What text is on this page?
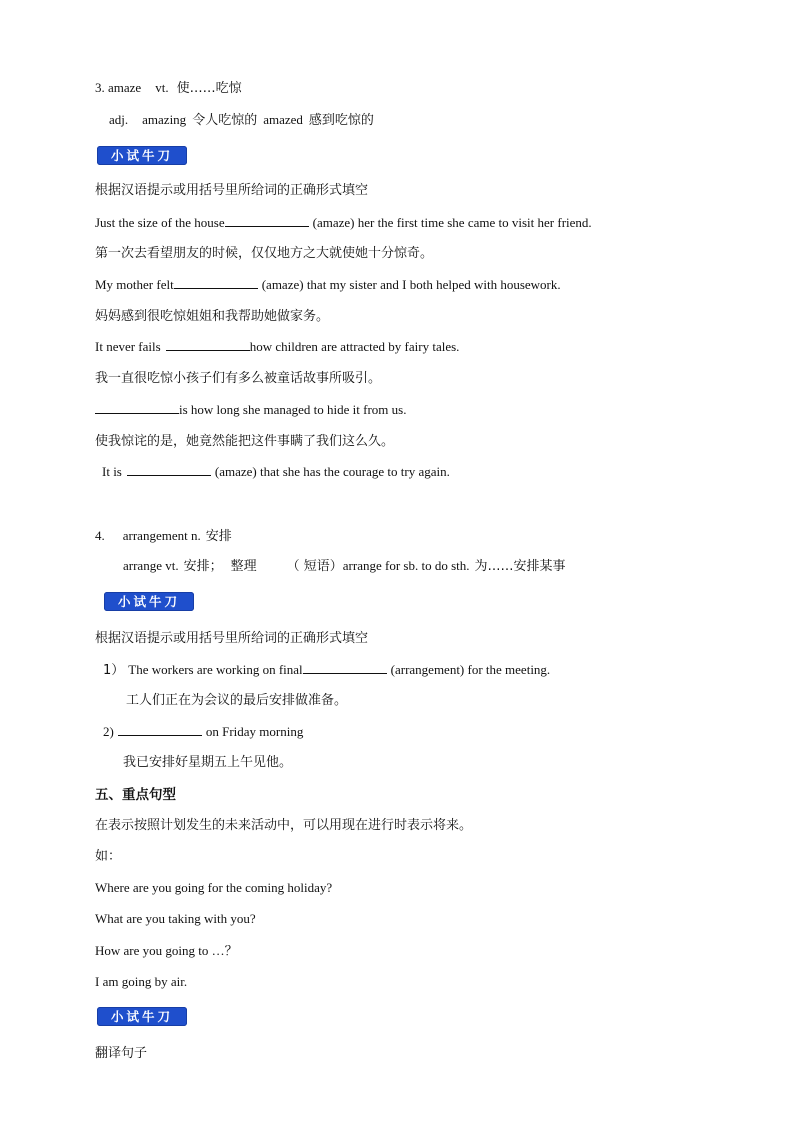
3. amaze vt. 使……吃惊
adj. amazing 令人吃惊的 amazed 感到吃惊的
小试牛刀
根据汉语提示或用括号里所给词的正确形式填空
Just the size of the house	(amaze) her the first time she came to visit her friend.
第一次去看望朋友的时候，仅仅地方之大就使她十分惊奇。
My mother felt	(amaze) that my sister and I both helped with housework.
妈妈感到很吃惊姐姐和我帮助她做家务。
It never fails	how children are attracted by fairy tales.
我一直很吃惊小孩子们有多么被童话故事所吸引。
is how long she managed to hide it from us.
使我惊诧的是，她竟然能把这件事瞒了我们这么久。
It is	(amaze) that she has the courage to try again.
4. arrangement n. 安排
arrange vt. 安排； 整理 （ 短语）arrange for sb. to do sth. 为……安排某事
小试牛刀
根据汉语提示或用括号里所给词的正确形式填空
1） The workers are working on final	(arrangement) for the meeting.
工人们正在为会议的最后安排做准备。
2)	on Friday morning
我已安排好星期五上午见他。
五、重点句型
在表示按照计划发生的未来活动中，可以用现在进行时表示将来。
如：
Where are you going for the coming holiday?
What are you taking with you?
How are you going to …？
I am going by air.
小试牛刀
翻译句子
